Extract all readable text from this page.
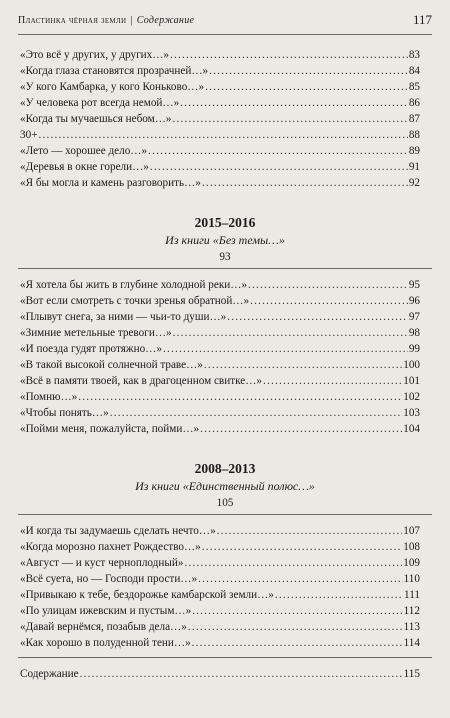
Пластинка чёрная земли | Содержание	117
«Это всё у других, у других…» .....	83
«Когда глаза становятся прозрачней…» .....	84
«У кого Камбарка, у кого Коньково…» .....	85
«У человека рот всегда немой…» .....	86
«Когда ты мучаешься небом…» .....	87
30+ .....	88
«Лето — хорошее дело…» .....	89
«Деревья в окне горели…» .....	91
«Я бы могла и камень разговорить…» .....	92
2015–2016
Из книги «Без темы…»
93
«Я хотела бы жить в глубине холодной реки…» .....	95
«Вот если смотреть с точки зренья обратной…» .....	96
«Плывут снега, за ними — чьи-то души…» .....	97
«Зимние метельные тревоги…» .....	98
«И поезда гудят протяжно…» .....	99
«В такой высокой солнечной траве…» .....	100
«Всё в памяти твоей, как в драгоценном свитке…» .....	101
«Помню…» .....	102
«Чтобы понять…» .....	103
«Пойми меня, пожалуйста, пойми…» .....	104
2008–2013
Из книги «Единственный полюс…»
105
«И когда ты задумаешь сделать нечто…» .....	107
«Когда морозно пахнет Рождество…» .....	108
«Август — и куст черноплодный» .....	109
«Всё суета, но — Господи прости…» .....	110
«Привыкаю к тебе, бездорожье камбарской земли…» .....	111
«По улицам ижевским и пустым…» .....	112
«Давай вернёмся, позабыв дела…» .....	113
«Как хорошо в полуденной тени…» .....	114
Содержание .....	115
